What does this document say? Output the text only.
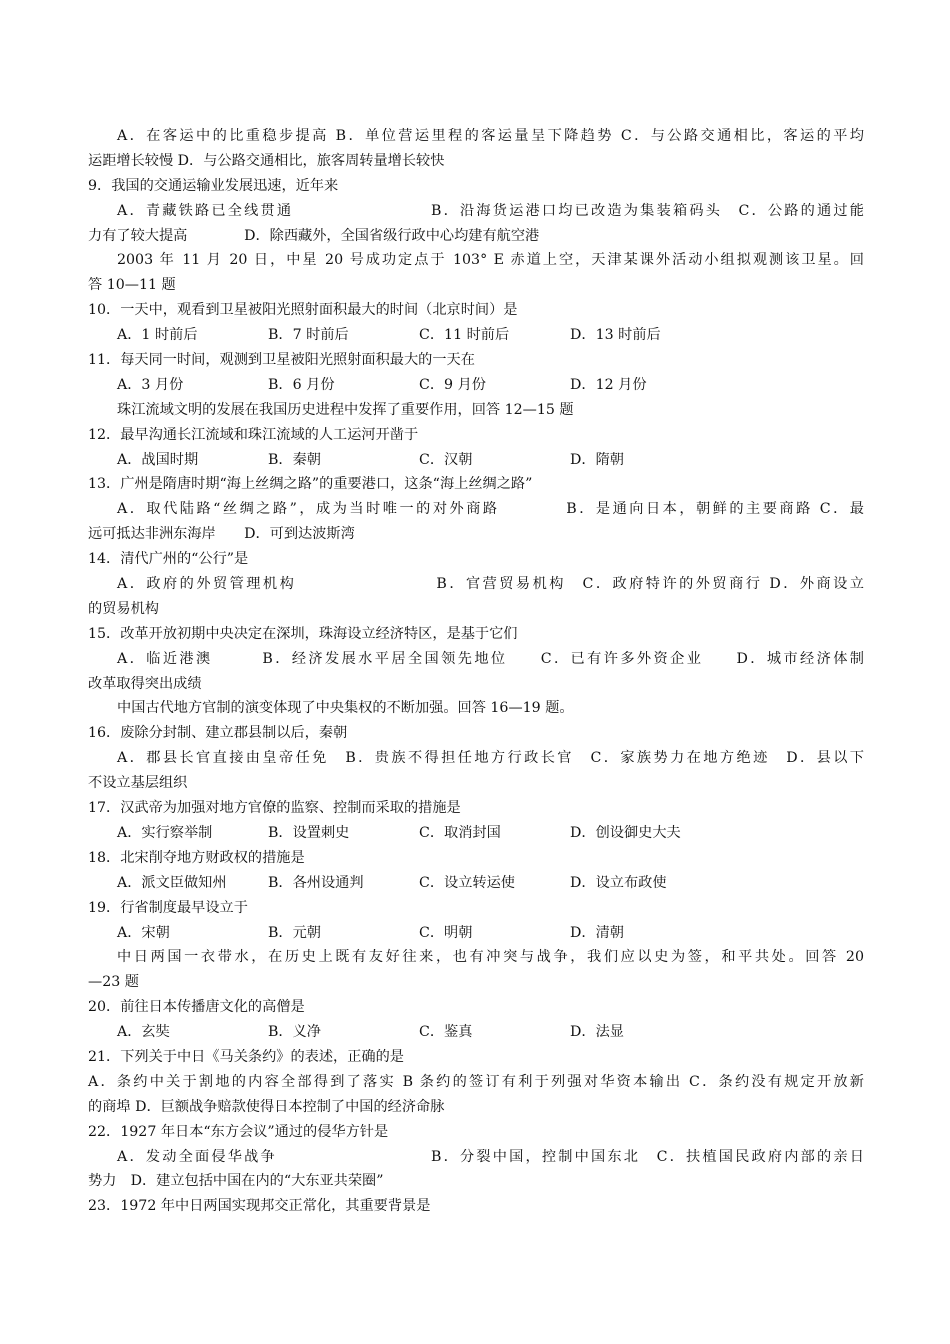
A．在客运中的比重稳步提高 B．单位营运里程的客运量呈下降趋势 C．与公路交通相比，客运的平均
运距增长较慢 D．与公路交通相比，旅客周转量增长较快
9．我国的交通运输业发展迅速，近年来
A．青藏铁路已全线贯通　　　　　　　　 B．沿海货运港口均已改造为集装箱码头　C．公路的通过能
力有了较大提高　　　　D．除西藏外，全国省级行政中心均建有航空港
2003 年 11 月 20 日，中星 20 号成功定点于 103° E 赤道上空，天津某课外活动小组拟观测该卫星。回
答 10—11 题
10．一天中，观看到卫星被阳光照射面积最大的时间（北京时间）是
A．1 时前后	B．7 时前后	C．11 时前后	D．13 时前后
11．每天同一时间，观测到卫星被阳光照射面积最大的一天在
A．3 月份	B．6 月份	C．9 月份	D．12 月份
珠江流域文明的发展在我国历史进程中发挥了重要作用，回答 12—15 题
12．最早沟通长江流域和珠江流域的人工运河开凿于
A．战国时期	B．秦朝	C．汉朝	D．隋朝
13．广州是隋唐时期“海上丝绸之路”的重要港口，这条“海上丝绸之路”
A．取代陆路“丝绸之路”，成为当时唯一的对外商路　　　　B．是通向日本，朝鲜的主要商路 C．最
远可抵达非洲东海岸　　D．可到达波斯湾
14．清代广州的“公行”是
A．政府的外贸管理机构　　　　　　　　 B．官营贸易机构　C．政府特许的外贸商行 D．外商设立
的贸易机构
15．改革开放初期中央决定在深圳，珠海设立经济特区，是基于它们
A．临近港澳　　　B．经济发展水平居全国领先地位　　C．已有许多外资企业　　D．城市经济体制
改革取得突出成绩
中国古代地方官制的演变体现了中央集权的不断加强。回答 16—19 题。
16．废除分封制、建立郡县制以后，秦朝
A．郡县长官直接由皇帝任免　B．贵族不得担任地方行政长官　C．家族势力在地方绝迹　D．县以下
不设立基层组织
17．汉武帝为加强对地方官僚的监察、控制而采取的措施是
A．实行察举制	B．设置刺史	C．取消封国	D．创设御史大夫
18．北宋削夺地方财政权的措施是
A．派文臣做知州	B．各州设通判	C．设立转运使	D．设立布政使
19．行省制度最早设立于
A．宋朝	B．元朝	C．明朝	D．清朝
中日两国一衣带水，在历史上既有友好往来，也有冲突与战争，我们应以史为签，和平共处。回答 20
—23 题
20．前往日本传播唐文化的高僧是
A．玄奘	B．义净	C．鉴真	D．法显
21．下列关于中日《马关条约》的表述，正确的是
A．条约中关于割地的内容全部得到了落实 B 条约的签订有利于列强对华资本输出 C．条约没有规定开放新
的商埠 D．巨额战争赔款使得日本控制了中国的经济命脉
22．1927 年日本“东方会议”通过的侵华方针是
A．发动全面侵华战争　　　　　　　　　 B．分裂中国，控制中国东北　C．扶植国民政府内部的亲日
势力　D．建立包括中国在内的“大东亚共荣圈”
23．1972 年中日两国实现邦交正常化，其重要背景是
